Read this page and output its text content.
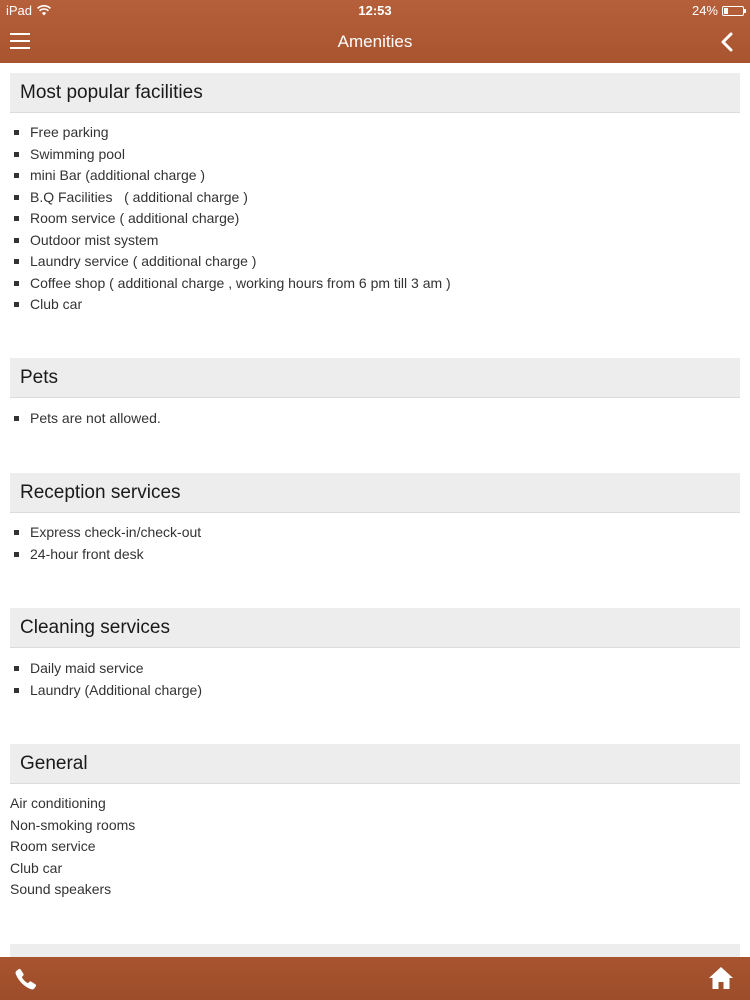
iPad	12:53	24%
Amenities
Most popular facilities
Free parking
Swimming pool
mini Bar (additional charge )
B.Q Facilities   ( additional charge )
Room service ( additional charge)
Outdoor mist system
Laundry service ( additional charge )
Coffee shop ( additional charge , working hours from 6 pm till 3 am )
Club car
Pets
Pets are not allowed.
Reception services
Express check-in/check-out
24-hour front desk
Cleaning services
Daily maid service
Laundry (Additional charge)
General
Air conditioning
Non-smoking rooms
Room service
Club car
Sound speakers
